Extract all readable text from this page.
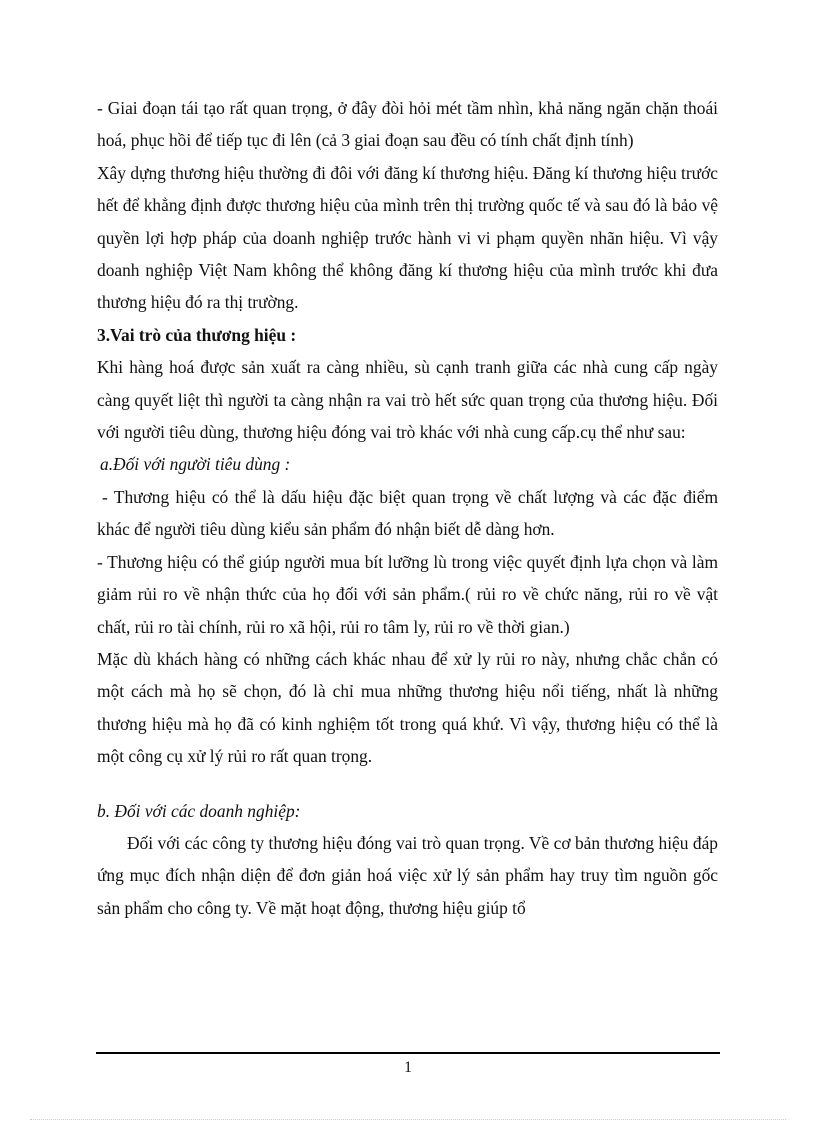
- Giai đoạn tái tạo rất quan trọng, ở đây đòi hỏi mét tầm nhìn, khả năng ngăn chặn thoái hoá, phục hồi để tiếp tục đi lên (cả 3 giai đoạn sau đều có tính chất định tính)

Xây dựng thương hiệu thường đi đôi với đăng kí thương hiệu. Đăng kí thương hiệu trước hết để khẳng định được thương hiệu của mình trên thị trường quốc tế và sau đó là bảo vệ quyền lợi hợp pháp của doanh nghiệp trước hành vi vi phạm quyền nhãn hiệu. Vì vậy doanh nghiệp Việt Nam không thể không đăng kí thương hiệu của mình trước khi đưa thương hiệu đó ra thị trường.

3.Vai trò của thương hiệu :

Khi hàng hoá được sản xuất ra càng nhiều, sù cạnh tranh giữa các nhà cung cấp ngày càng quyết liệt thì người ta càng nhận ra vai trò hết sức quan trọng của thương hiệu. Đối với người tiêu dùng, thương hiệu đóng vai trò khác với nhà cung cấp.cụ thể như sau:

a.Đối với người tiêu dùng :

- Thương hiệu có thể là dấu hiệu đặc biệt quan trọng về chất lượng và các đặc điểm khác để người tiêu dùng kiểu sản phẩm đó nhận biết dễ dàng hơn.

- Thương hiệu có thể giúp người mua bít lưỡng lù trong việc quyết định lựa chọn và làm giảm rủi ro về nhận thức của họ đối với sản phẩm.( rủi ro về chức năng, rủi ro về vật chất, rủi ro tài chính, rủi ro xã hội, rủi ro tâm ly, rủi ro về thời gian.)

Mặc dù khách hàng có những cách khác nhau để xử ly rủi ro này, nhưng chắc chắn có một cách mà họ sẽ chọn, đó là chỉ mua những thương hiệu nổi tiếng, nhất là những thương hiệu mà họ đã có kinh nghiệm tốt trong quá khứ. Vì vậy, thương hiệu có thể là một công cụ xử lý rủi ro rất quan trọng.

b. Đối với các doanh nghiệp:

Đối với các công ty thương hiệu đóng vai trò quan trọng. Về cơ bản thương hiệu đáp ứng mục đích nhận diện để đơn giản hoá việc xử lý sản phẩm hay truy tìm nguồn gốc sản phẩm cho công ty. Về mặt hoạt động, thương hiệu giúp tổ

1
